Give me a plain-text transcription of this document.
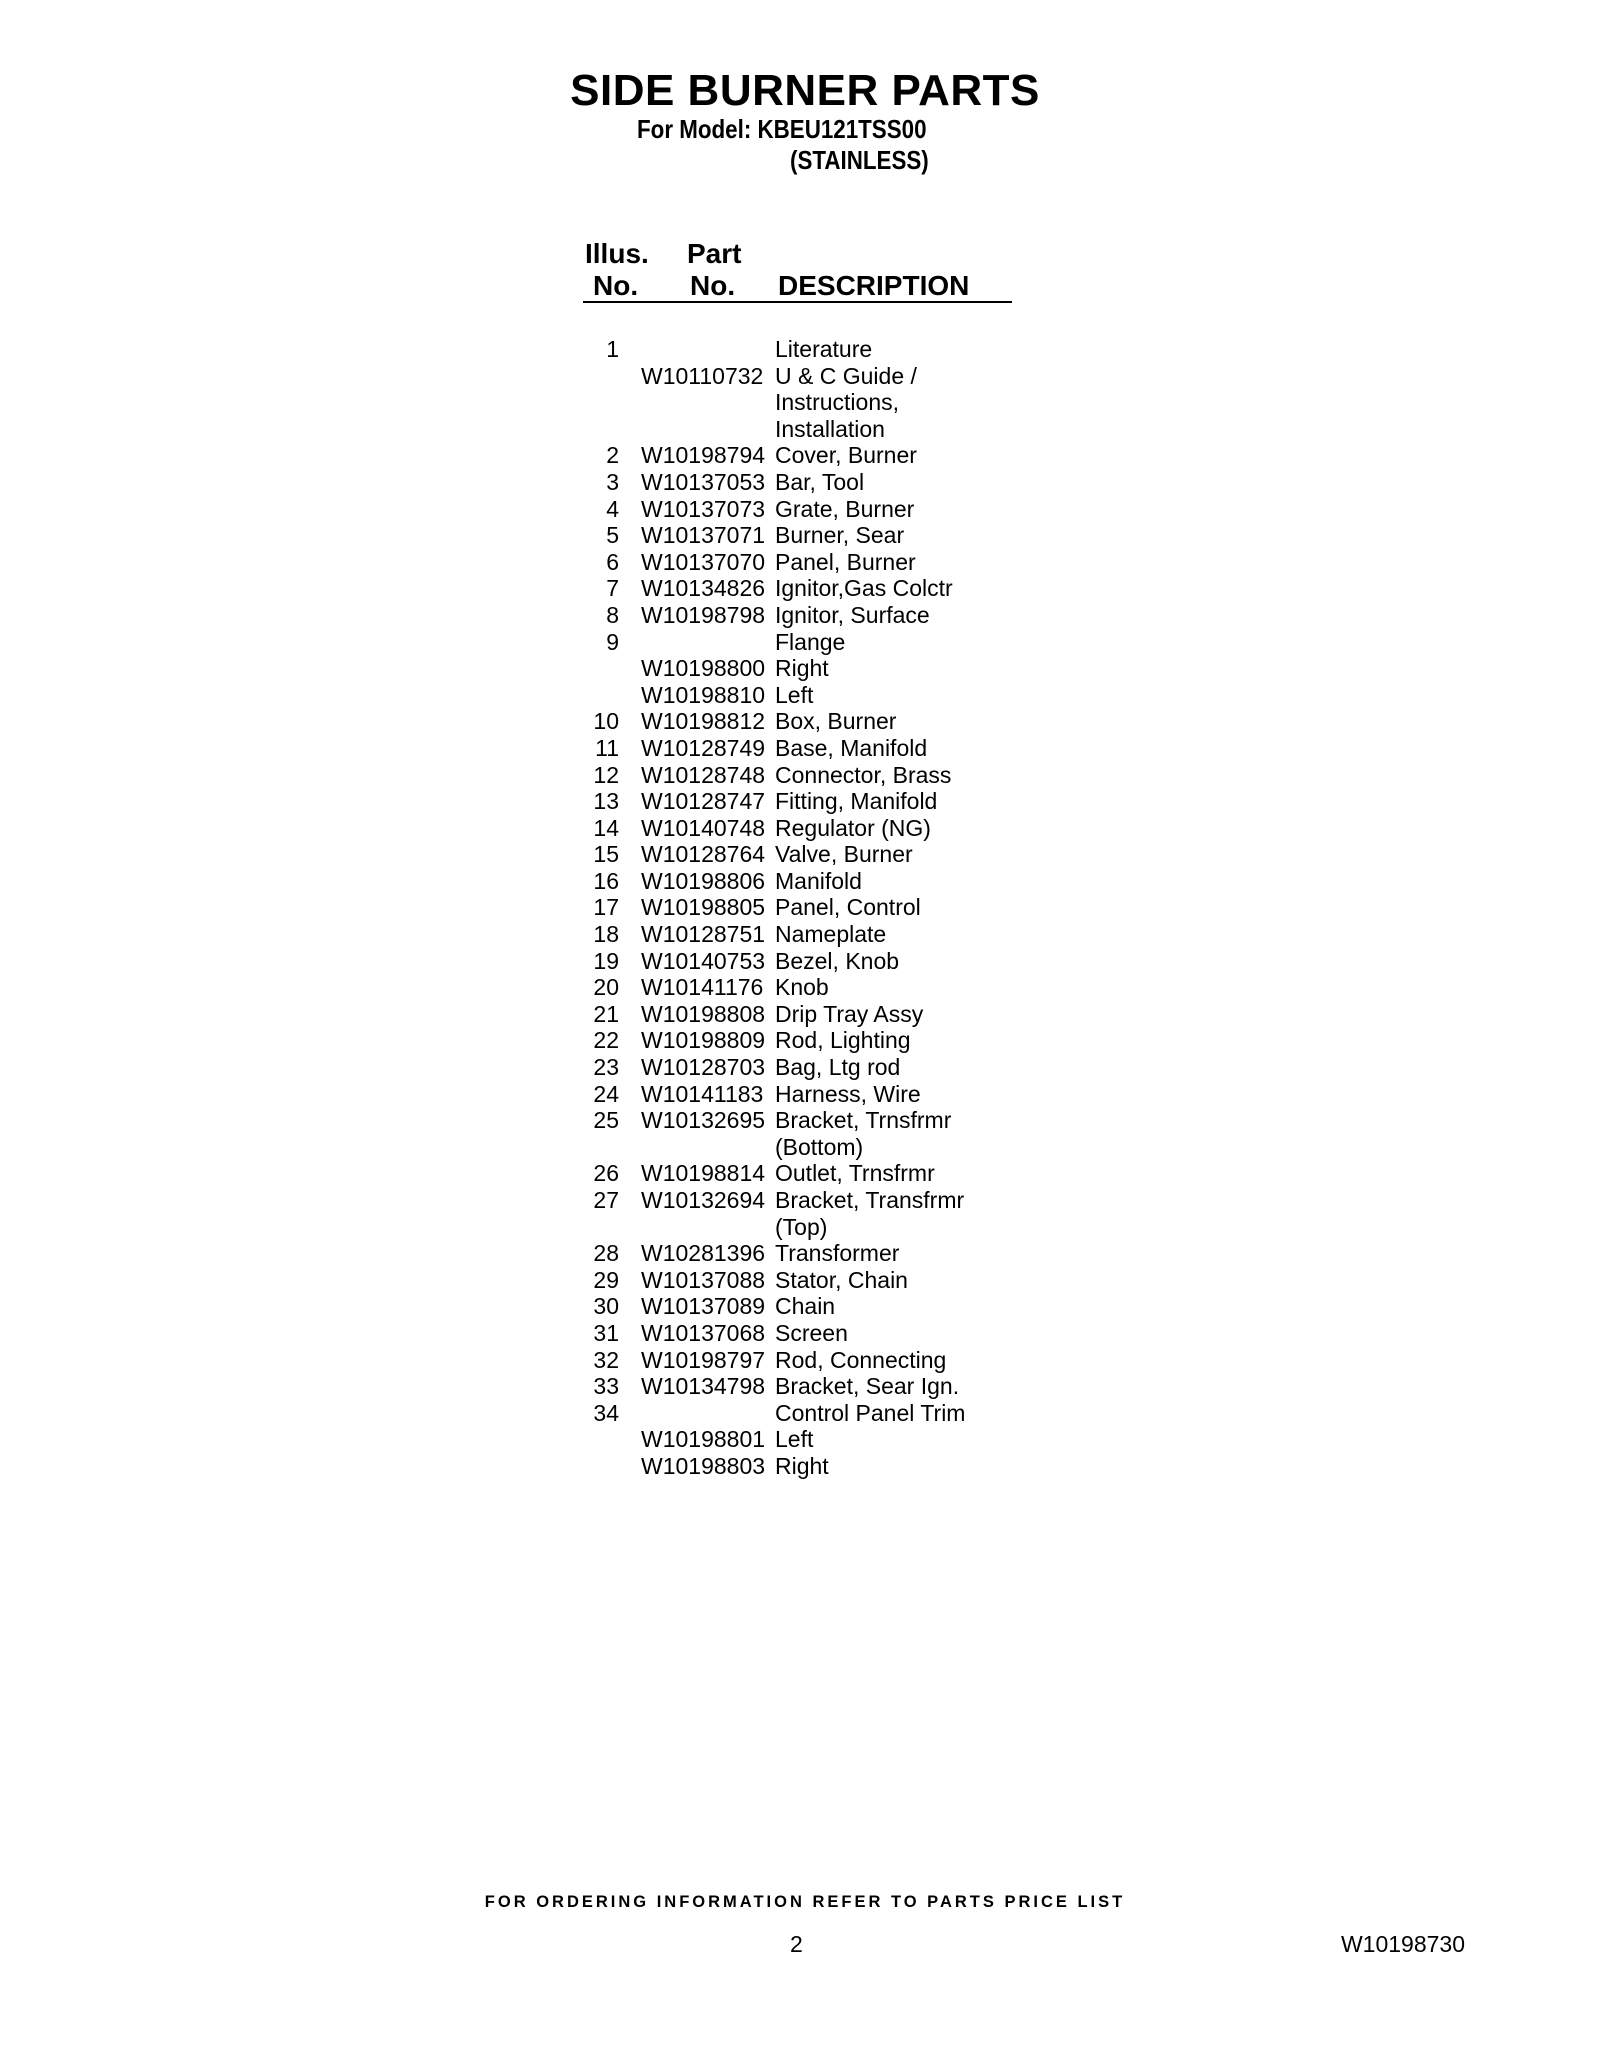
SIDE BURNER PARTS
For Model: KBEU121TSS00
(STAINLESS)
Illus.
No.
Part
No. DESCRIPTION
1	Literature
W10110732 U & C Guide /
Instructions,
Installation
2 W10198794 Cover, Burner
3 W10137053 Bar, Tool
4 W10137073 Grate, Burner
5 W10137071 Burner, Sear
6 W10137070 Panel, Burner
7 W10134826 Ignitor,Gas Colctr
8 W10198798 Ignitor, Surface
9	Flange
W10198800 Right
W10198810 Left
10 W10198812 Box, Burner
11 W10128749 Base, Manifold
12 W10128748 Connector, Brass
13 W10128747 Fitting, Manifold
14 W10140748 Regulator (NG)
15 W10128764 Valve, Burner
16 W10198806 Manifold
17 W10198805 Panel, Control
18 W10128751 Nameplate
19 W10140753 Bezel, Knob
20 W10141176 Knob
21 W10198808 Drip Tray Assy
22 W10198809 Rod, Lighting
23 W10128703 Bag, Ltg rod
24 W10141183 Harness, Wire
25 W10132695 Bracket, Trnsfrmr
(Bottom)
26 W10198814 Outlet, Trnsfrmr
27 W10132694 Bracket, Transfrmr
(Top)
28 W10281396 Transformer
29 W10137088 Stator, Chain
30 W10137089 Chain
31 W10137068 Screen
32 W10198797 Rod, Connecting
33 W10134798 Bracket, Sear Ign.
34	Control Panel Trim
W10198801 Left
W10198803 Right
FOR ORDERING INFORMATION REFER TO PARTS PRICE LIST
2	W10198730
